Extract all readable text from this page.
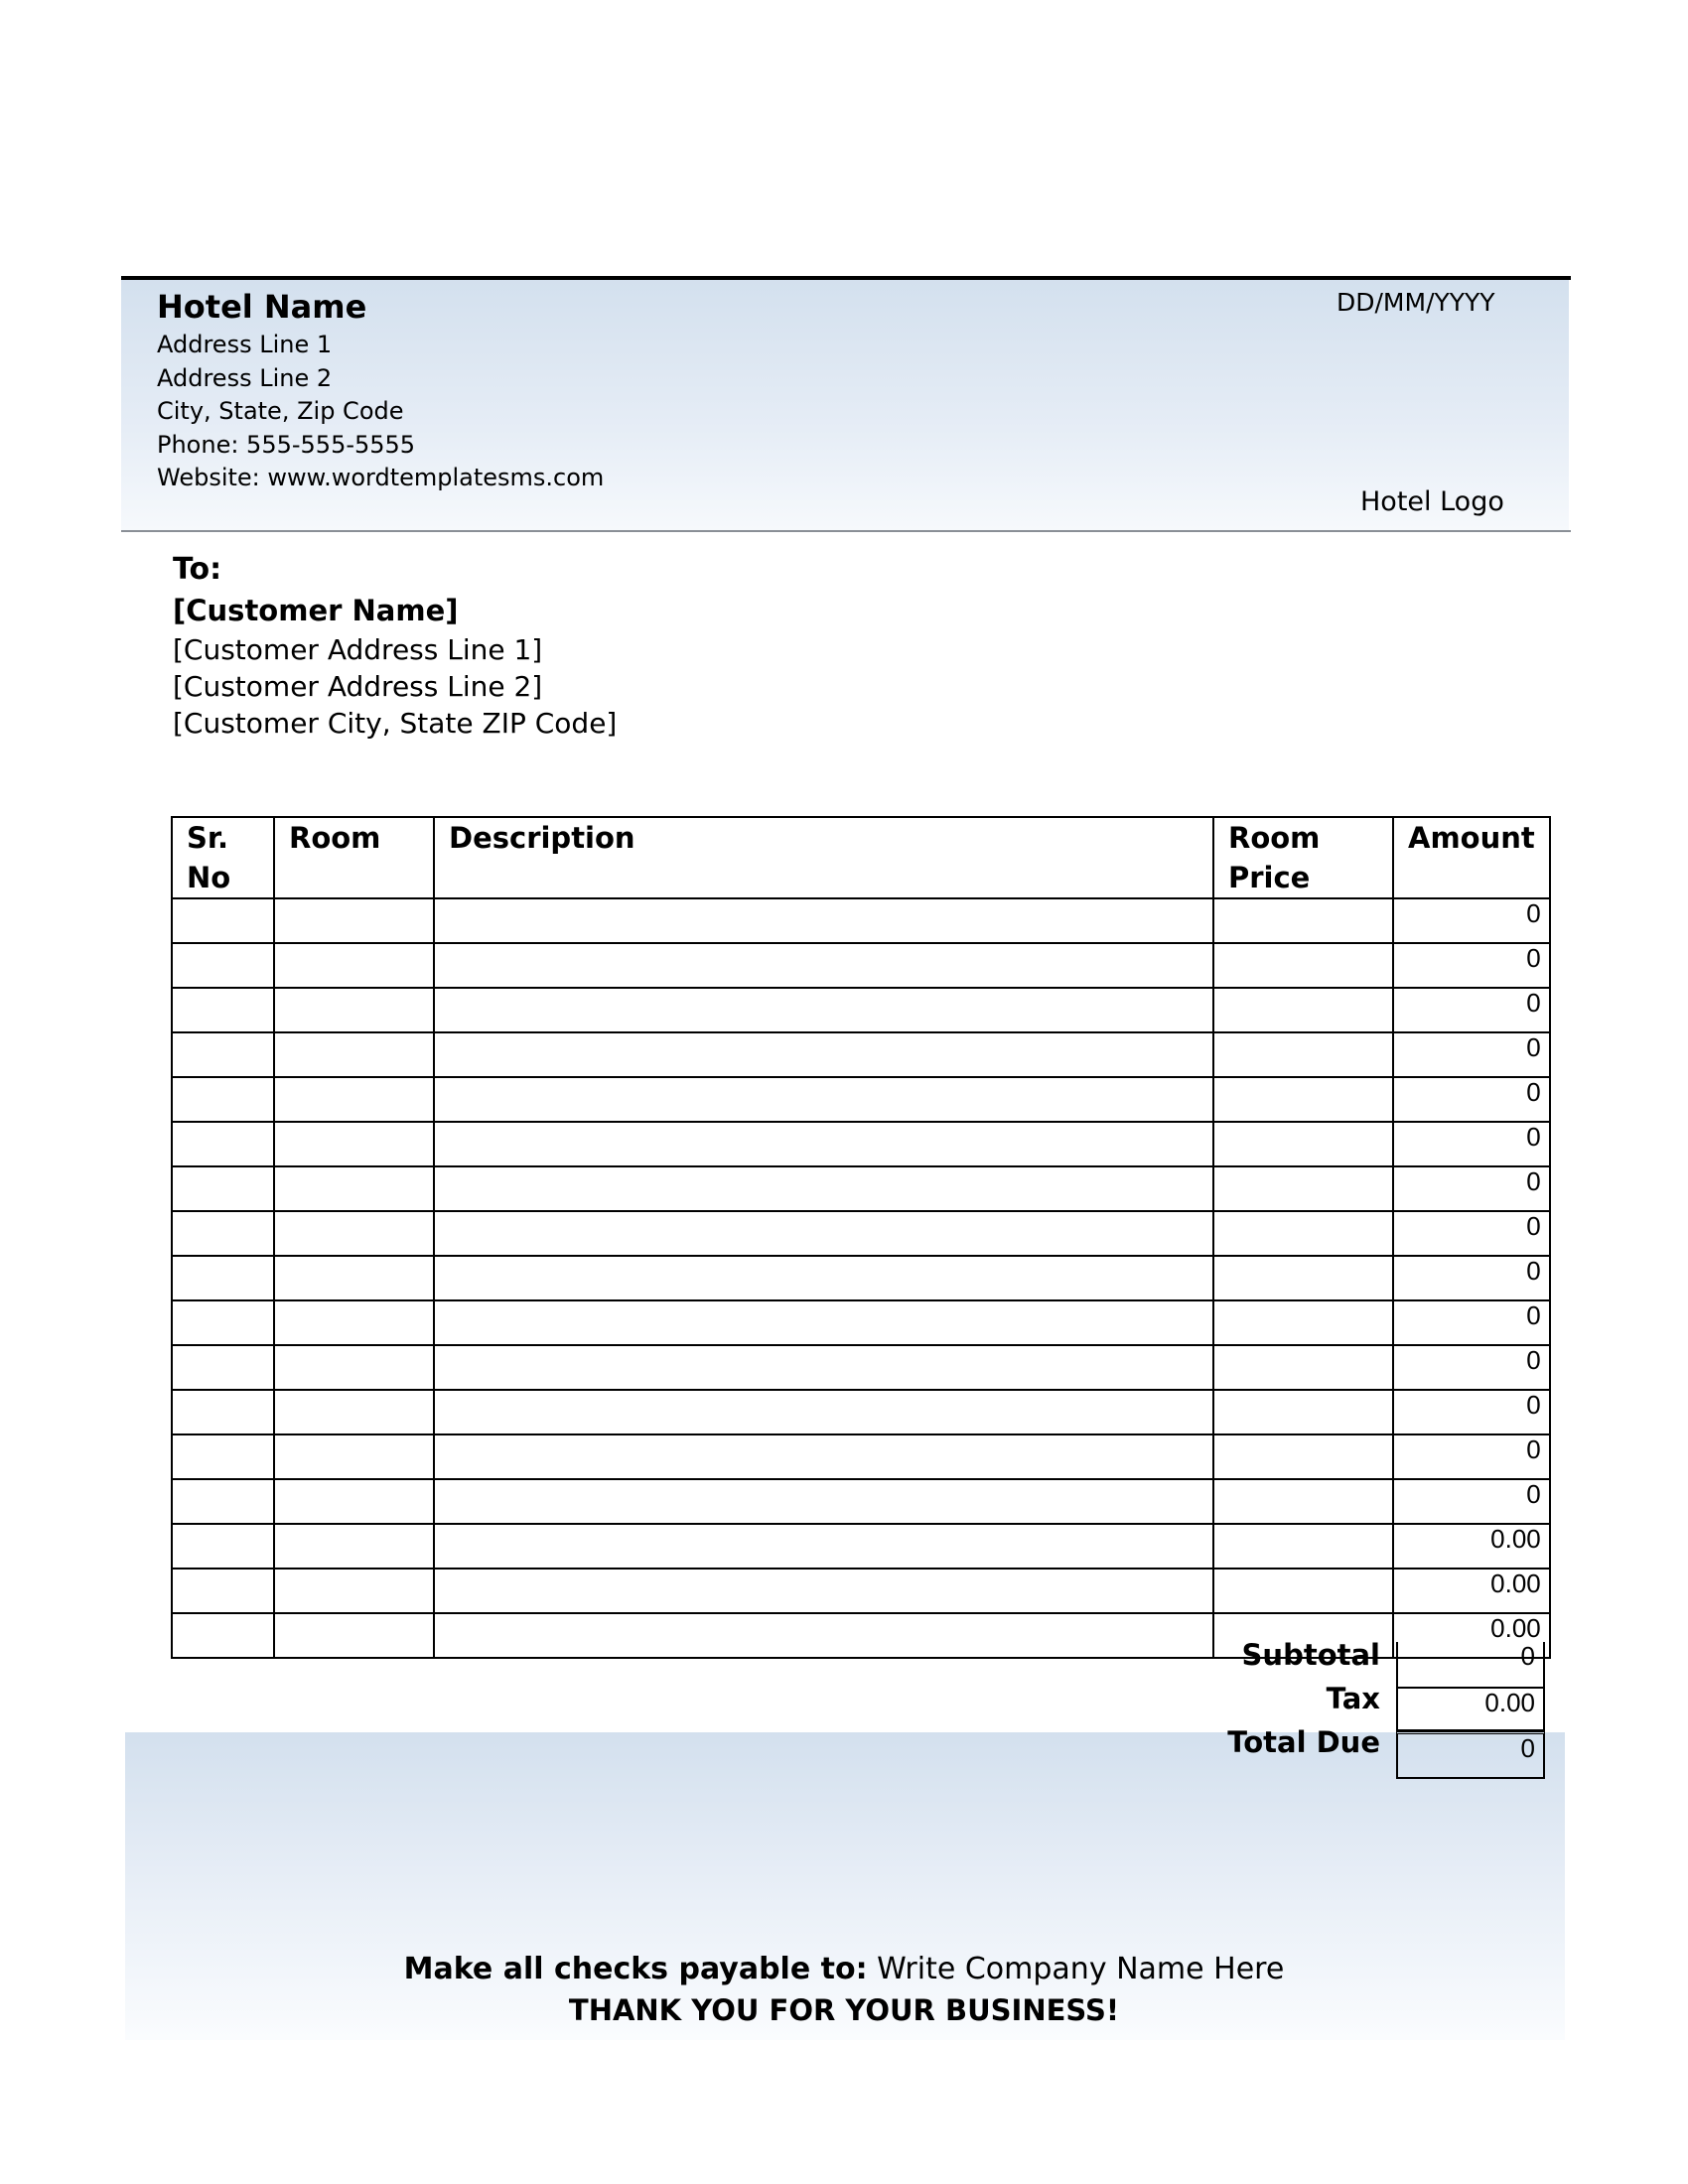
Hotel Name
Address Line 1
Address Line 2
City, State, Zip Code
Phone: 555-555-5555
Website: www.wordtemplatesms.com
DD/MM/YYYY
Hotel Logo
To:
[Customer Name]
[Customer Address Line 1]
[Customer Address Line 2]
[Customer City, State ZIP Code]
Sr. No	Room	Description	Room Price	Amount
				0
				0
				0
				0
				0
				0
				0
				0
				0
				0
				0
				0
				0
				0
				0.00
				0.00
				0.00
Subtotal	0
Tax	0.00
Total Due	0
Make all checks payable to: Write Company Name Here
THANK YOU FOR YOUR BUSINESS!
